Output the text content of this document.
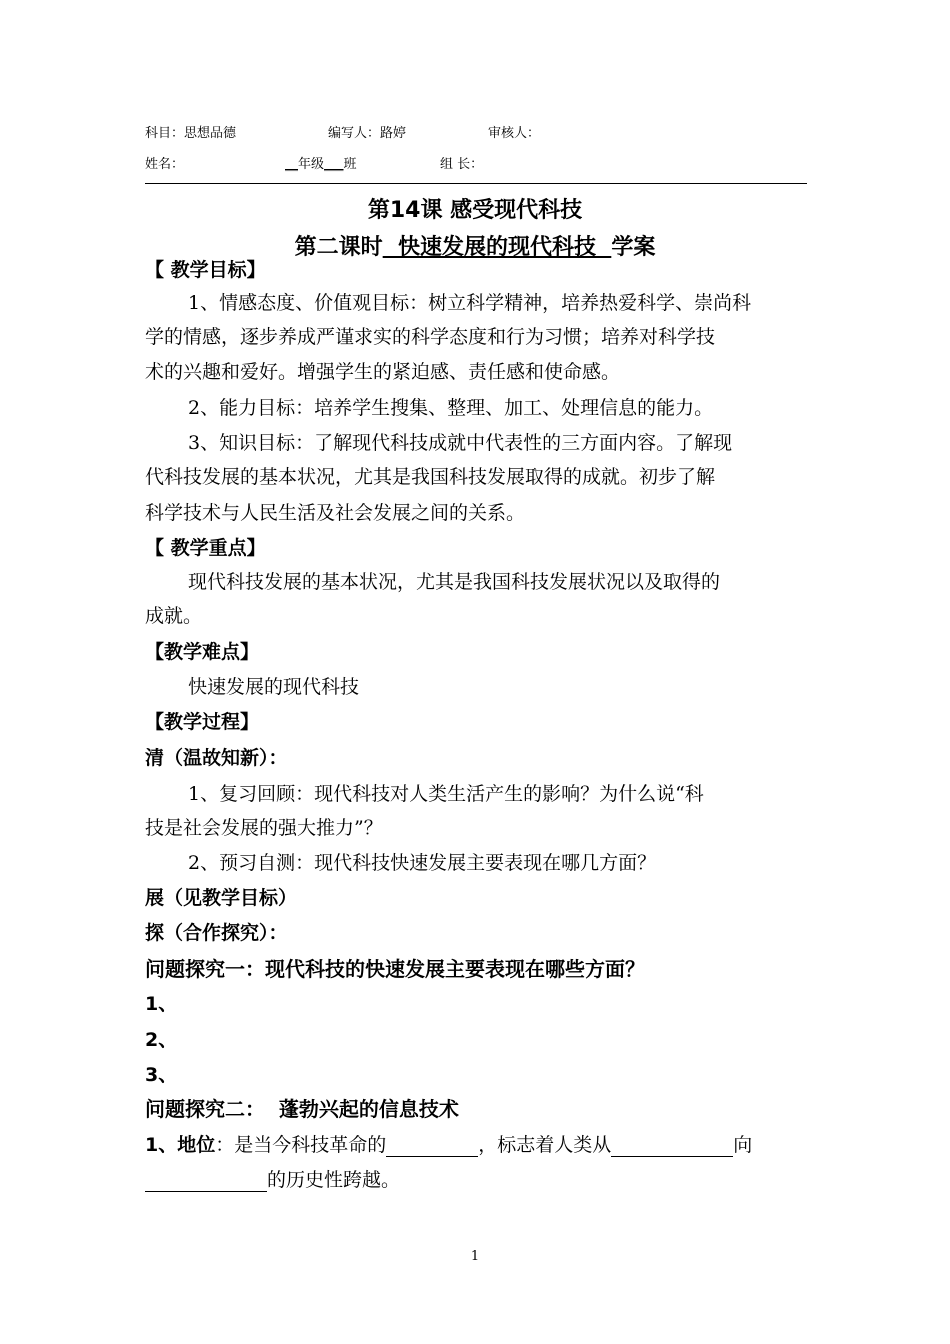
科目：思想品德	编写人：路婷	审核人：
姓名：	__年级___班	组 长：
第14课 感受现代科技
第二课时  快速发展的现代科技  学案
【 教学目标】
1、情感态度、价值观目标：树立科学精神，培养热爱科学、崇尚科
学的情感，逐步养成严谨求实的科学态度和行为习惯；培养对科学技
术的兴趣和爱好。增强学生的紧迫感、责任感和使命感。
2、能力目标：培养学生搜集、整理、加工、处理信息的能力。
3、知识目标：了解现代科技成就中代表性的三方面内容。了解现
代科技发展的基本状况，尤其是我国科技发展取得的成就。初步了解
科学技术与人民生活及社会发展之间的关系。
【 教学重点】
现代科技发展的基本状况，尤其是我国科技发展状况以及取得的
成就。
【教学难点】
快速发展的现代科技
【教学过程】
清（温故知新）：
1、复习回顾：现代科技对人类生活产生的影响？为什么说“科
技是社会发展的强大推力”？
2、预习自测：现代科技快速发展主要表现在哪几方面？
展（见教学目标）
探（合作探究）：
问题探究一：现代科技的快速发展主要表现在哪些方面？
1、
2、
3、
问题探究二：  蓬勃兴起的信息技术
1、地位：是当今科技革命的	，标志着人类从	向
的历史性跨越。
1
